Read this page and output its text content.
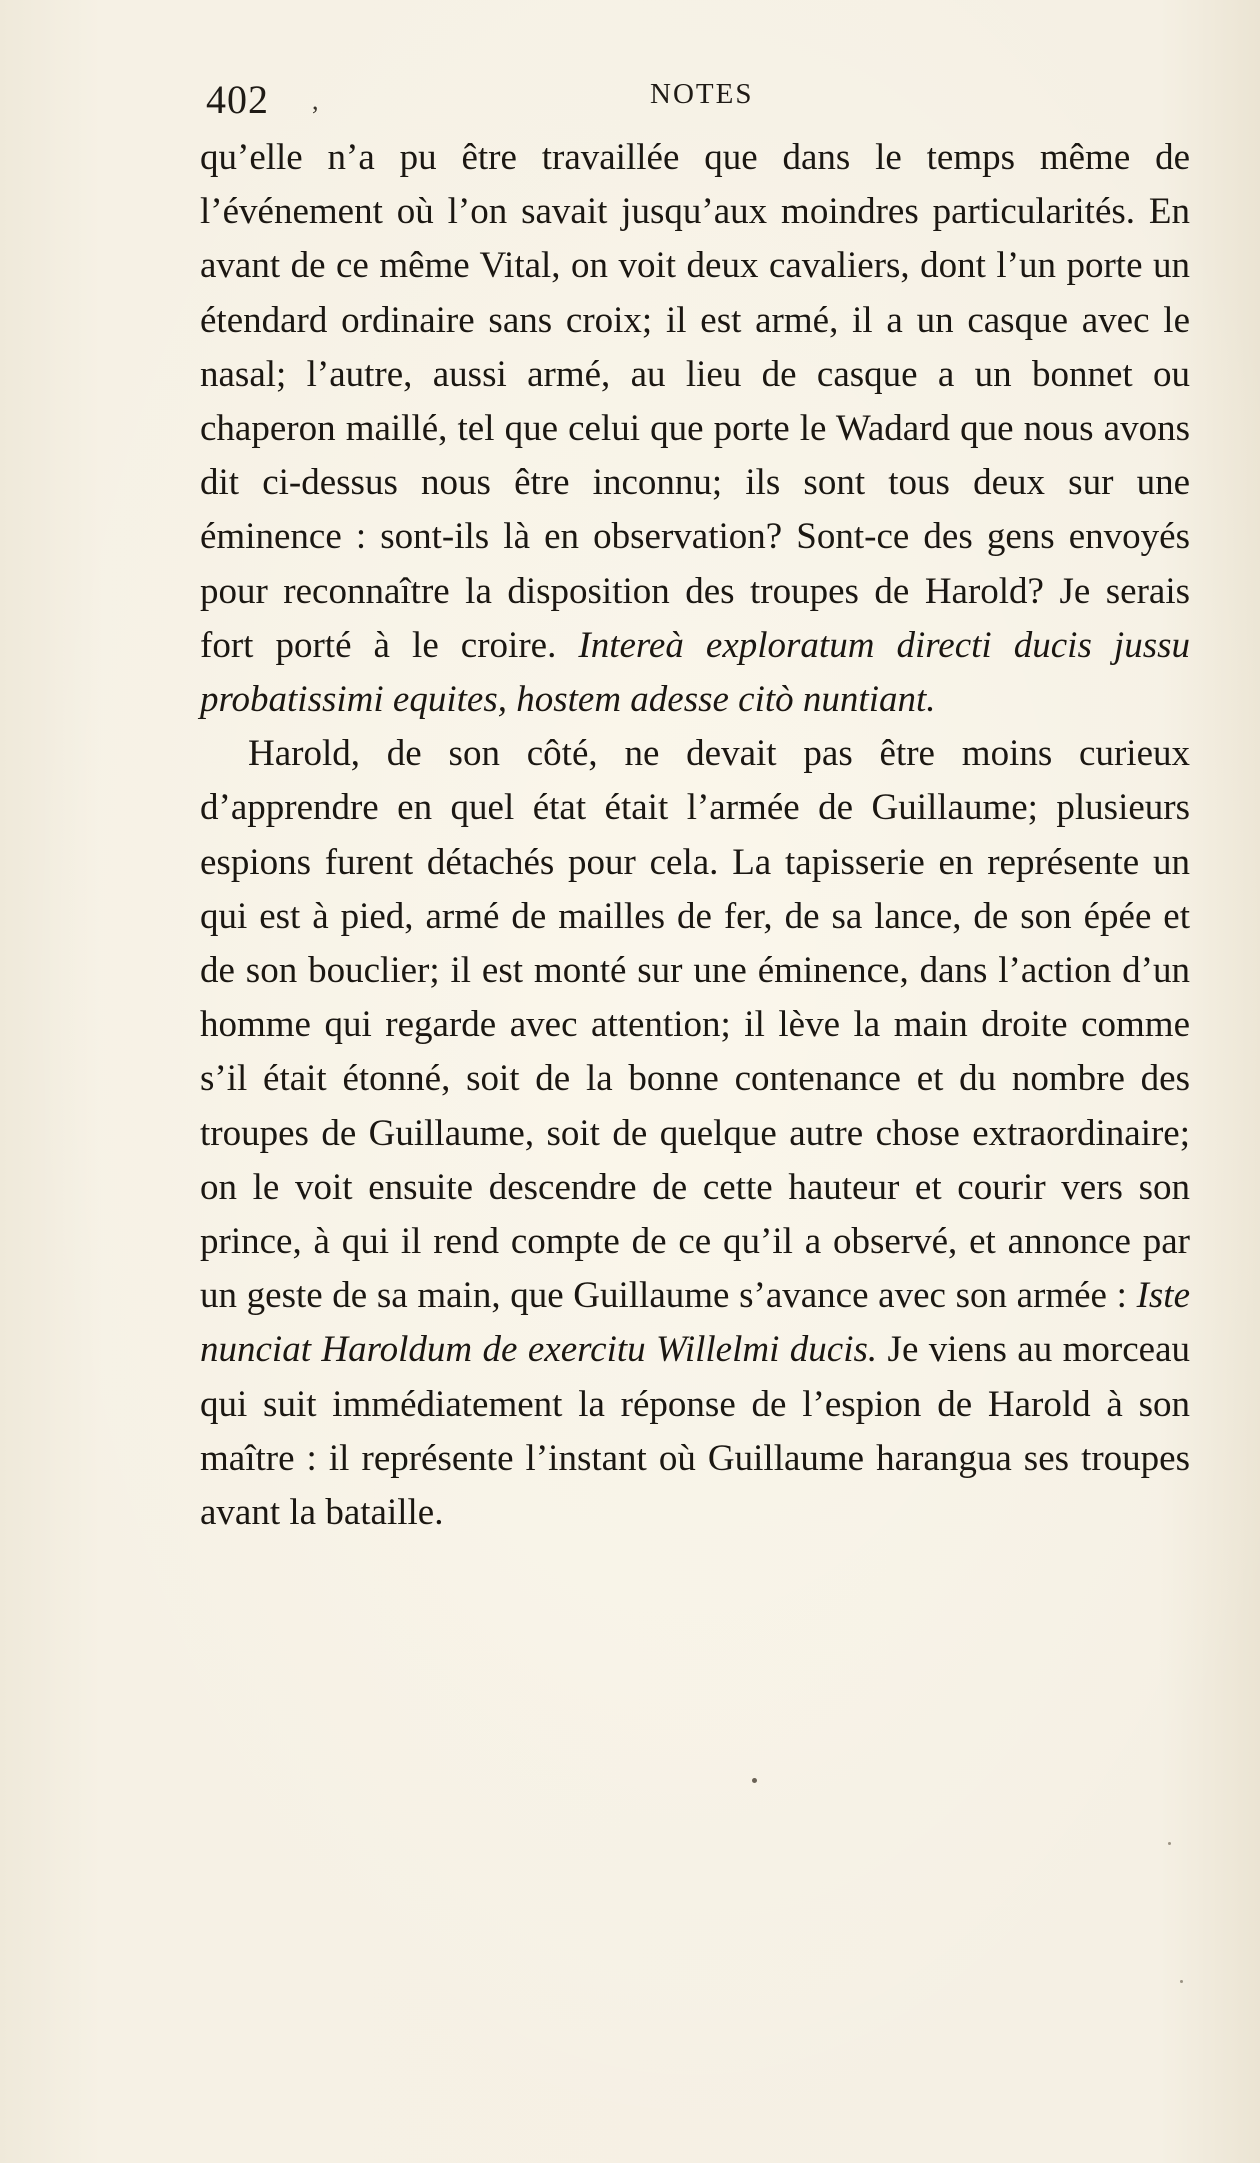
402 ,	NOTES

qu’elle n’a pu être travaillée que dans le temps même de l’événement où l’on savait jusqu’aux moindres particularités. En avant de ce même Vital, on voit deux cavaliers, dont l’un porte un étendard ordinaire sans croix; il est armé, il a un casque avec le nasal; l’autre, aussi armé, au lieu de casque a un bonnet ou chaperon maillé, tel que celui que porte le Wadard que nous avons dit ci-dessus nous être inconnu; ils sont tous deux sur une éminence : sont-ils là en observation? Sont-ce des gens envoyés pour reconnaître la disposition des troupes de Harold? Je serais fort porté à le croire. Intereà exploratum directi ducis jussu probatissimi equites, hostem adesse citò nuntiant.

Harold, de son côté, ne devait pas être moins curieux d’apprendre en quel état était l’armée de Guillaume; plusieurs espions furent détachés pour cela. La tapisserie en représente un qui est à pied, armé de mailles de fer, de sa lance, de son épée et de son bouclier; il est monté sur une éminence, dans l’action d’un homme qui regarde avec attention; il lève la main droite comme s’il était étonné, soit de la bonne contenance et du nombre des troupes de Guillaume, soit de quelque autre chose extraordinaire; on le voit ensuite descendre de cette hauteur et courir vers son prince, à qui il rend compte de ce qu’il a observé, et annonce par un geste de sa main, que Guillaume s’avance avec son armée : Iste nunciat Haroldum de exercitu Willelmi ducis. Je viens au morceau qui suit immédiatement la réponse de l’espion de Harold à son maître : il représente l’instant où Guillaume harangua ses troupes avant la bataille.
